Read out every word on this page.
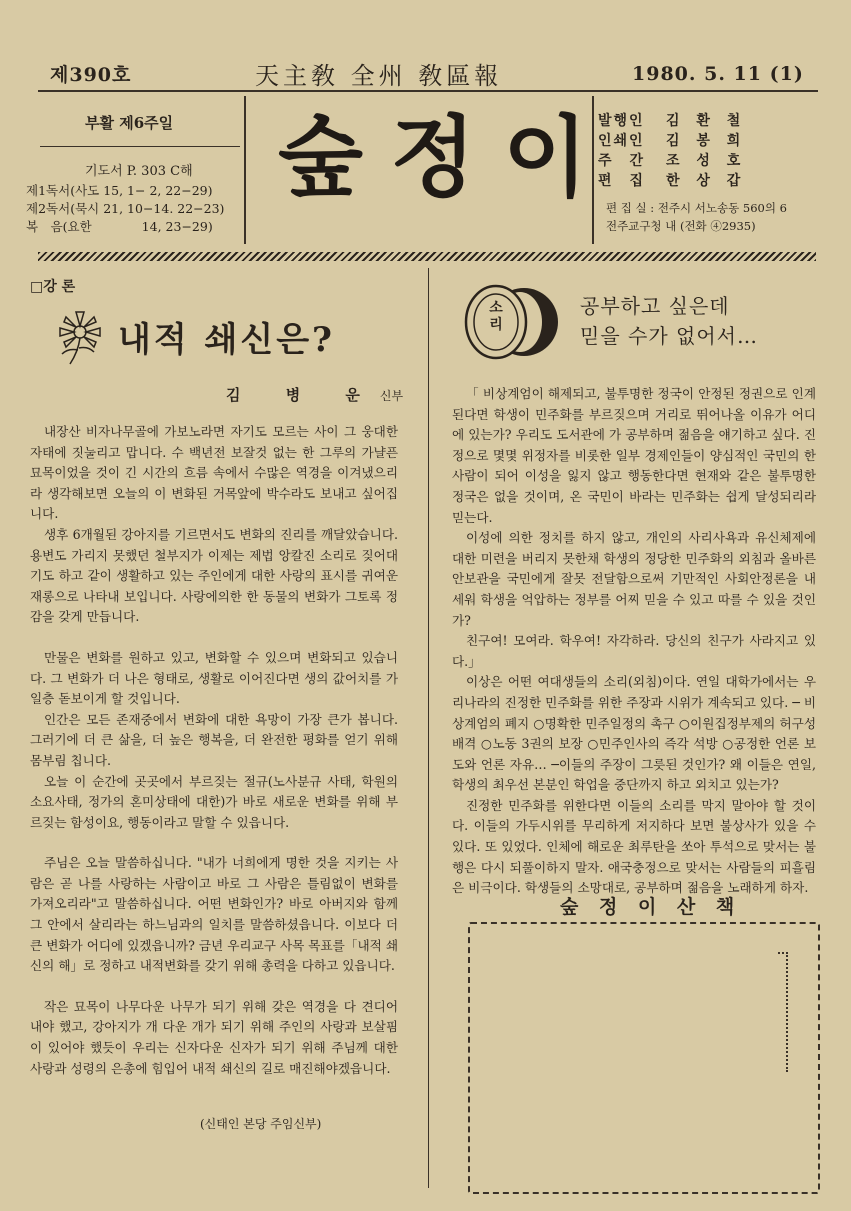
제390호	天主敎 全州 敎區報	1980. 5. 11 (1)
부활 제6주일
기도서 P. 303 C해
제1독서(사도 15, 1− 2, 22−29)
제2독서(묵시 21, 10−14. 22−23)
복　음(요한　　　　14, 23−29)
숲 정 이 발행인	김 환 철
인쇄인	김 봉 희
주　간	조 성 호
편　집	한 상 갑
편 집 실 : 전주시 서노송동 560의 6
전주교구청 내 (전화 ④2935)
□강 론
내적 쇄신은?
김 병 운신부

내장산 비자나무골에 가보노라면 자기도 모르는 사이 그 웅대한 자태에 짓눌리고 맙니다. 수 백년전 보잘것 없는 한 그루의 가냘픈 묘목이었을 것이 긴 시간의 흐름 속에서 수많은 역경을 이겨냈으리라 생각해보면 오늘의 이 변화된 거목앞에 박수라도 보내고 싶어집니다.

생후 6개월된 강아지를 기르면서도 변화의 진리를 깨달았습니다. 용변도 가리지 못했던 철부지가 이제는 제법 앙칼진 소리로 짖어대기도 하고 같이 생활하고 있는 주인에게 대한 사랑의 표시를 귀여운 재롱으로 나타내 보입니다. 사랑에의한 한 동물의 변화가 그토록 정감을 갖게 만듭니다.

만물은 변화를 원하고 있고, 변화할 수 있으며 변화되고 있습니다. 그 변화가 더 나은 형태로, 생활로 이어진다면 생의 값어치를 가일층 돋보이게 할 것입니다.

인간은 모든 존재중에서 변화에 대한 욕망이 가장 큰가 봅니다. 그러기에 더 큰 삶을, 더 높은 행복을, 더 완전한 평화를 얻기 위해 몸부림 칩니다.

오늘 이 순간에 곳곳에서 부르짖는 절규(노사분규 사태, 학원의 소요사태, 정가의 혼미상태에 대한)가 바로 새로운 변화를 위해 부르짖는 함성이요, 행동이라고 말할 수 있읍니다.

주님은 오늘 말씀하십니다. "내가 너희에게 명한 것을 지키는 사람은 곧 나를 사랑하는 사람이고 바로 그 사람은 틀림없이 변화를 가져오리라"고 말씀하십니다. 어떤 변화인가? 바로 아버지와 함께 그 안에서 살리라는 하느님과의 일치를 말씀하셨읍니다. 이보다 더 큰 변화가 어디에 있겠읍니까? 금년 우리교구 사목 목표를「내적 쇄신의 해」로 정하고 내적변화를 갖기 위해 총력을 다하고 있읍니다.

작은 묘목이 나무다운 나무가 되기 위해 갖은 역경을 다 견디어 내야 했고, 강아지가 개 다운 개가 되기 위해 주인의 사랑과 보살핌이 있어야 했듯이 우리는 신자다운 신자가 되기 위해 주님께 대한 사랑과 성령의 은총에 힘입어 내적 쇄신의 길로 매진해야겠읍니다.

(신태인 본당 주임신부)
소리
공부하고 싶은데
믿을 수가 없어서…

「 비상계엄이 해제되고, 불투명한 정국이 안정된 정권으로 인계된다면 학생이 민주화를 부르짖으며 거리로 뛰어나올 이유가 어디에 있는가? 우리도 도서관에 가 공부하며 젊음을 얘기하고 싶다. 진정으로 몇몇 위정자를 비롯한 일부 경제인들이 양심적인 국민의 한 사람이 되어 이성을 잃지 않고 행동한다면 현재와 같은 불투명한 정국은 없을 것이며, 온 국민이 바라는 민주화는 쉽게 달성되리라 믿는다.

이성에 의한 정치를 하지 않고, 개인의 사리사욕과 유신체제에 대한 미련을 버리지 못한채 학생의 정당한 민주화의 외침과 올바른 안보관을 국민에게 잘못 전달함으로써 기만적인 사회안정론을 내세워 학생을 억압하는 정부를 어찌 믿을 수 있고 따를 수 있을 것인가?

친구여! 모여라. 학우여! 자각하라. 당신의 친구가 사라지고 있다.」

이상은 어떤 여대생들의 소리(외침)이다. 연일 대학가에서는 우리나라의 진정한 민주화를 위한 주장과 시위가 계속되고 있다. ─ 비상계엄의 폐지 ○명확한 민주일정의 촉구 ○이원집정부제의 허구성 배격 ○노동 3권의 보장 ○민주인사의 즉각 석방 ○공정한 언론 보도와 언론 자유… ─이들의 주장이 그릇된 것인가? 왜 이들은 연일, 학생의 최우선 본분인 학업을 중단까지 하고 외치고 있는가?

진정한 민주화를 위한다면 이들의 소리를 막지 말아야 할 것이다. 이들의 가두시위를 무리하게 저지하다 보면 불상사가 있을 수 있다. 또 있었다. 인체에 해로운 최루탄을 쏘아 투석으로 맞서는 불행은 다시 되풀이하지 말자. 애국충정으로 맞서는 사람들의 피흘림은 비극이다. 학생들의 소망대로, 공부하며 젊음을 노래하게 하자.

숲 정 이 산 책
